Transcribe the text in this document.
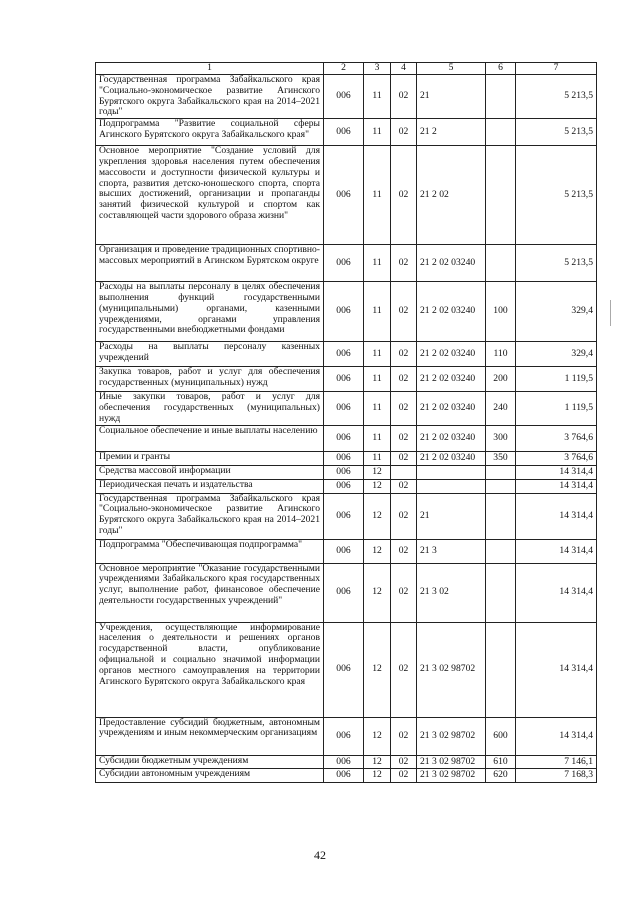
1	2	3	4	5	6	7
Государственная программа Забайкальского края "Социально-экономическое развитие Агинского Бурятского округа Забайкальского края на 2014–2021 годы"	006	11	02	21		5 213,5
Подпрограмма "Развитие социальной сферы Агинского Бурятского округа Забайкальского края"	006	11	02	21 2		5 213,5
Основное мероприятие "Создание условий для укрепления здоровья населения путем обеспечения массовости и доступности физической культуры и спорта, развития детско-юношеского спорта, спорта высших достижений, организации и пропаганды занятий физической культурой и спортом как составляющей части здорового образа жизни"	006	11	02	21 2 02		5 213,5
Организация и проведение традиционных спортивно-массовых мероприятий в Агинском Бурятском округе	006	11	02	21 2 02 03240		5 213,5
Расходы на выплаты персоналу в целях обеспечения выполнения функций государственными (муниципальными) органами, казенными учреждениями, органами управления государственными внебюджетными фондами	006	11	02	21 2 02 03240	100	329,4
Расходы на выплаты персоналу казенных учреждений	006	11	02	21 2 02 03240	110	329,4
Закупка товаров, работ и услуг для обеспечения государственных (муниципальных) нужд	006	11	02	21 2 02 03240	200	1 119,5
Иные закупки товаров, работ и услуг для обеспечения государственных (муниципальных) нужд	006	11	02	21 2 02 03240	240	1 119,5
Социальное обеспечение и иные выплаты населению	006	11	02	21 2 02 03240	300	3 764,6
Премии и гранты	006	11	02	21 2 02 03240	350	3 764,6
Средства массовой информации	006	12				14 314,4
Периодическая печать и издательства	006	12	02			14 314,4
Государственная программа Забайкальского края "Социально-экономическое развитие Агинского Бурятского округа Забайкальского края на 2014–2021 годы"	006	12	02	21		14 314,4
Подпрограмма "Обеспечивающая подпрограмма"	006	12	02	21 3		14 314,4
Основное мероприятие "Оказание государственными учреждениями Забайкальского края государственных услуг, выполнение работ, финансовое обеспечение деятельности государственных учреждений"	006	12	02	21 3 02		14 314,4
Учреждения, осуществляющие информирование населения о деятельности и решениях органов государственной власти, опубликование официальной и социально значимой информации органов местного самоуправления на территории Агинского Бурятского округа Забайкальского края	006	12	02	21 3 02 98702		14 314,4
Предоставление субсидий бюджетным, автономным учреждениям и иным некоммерческим организациям	006	12	02	21 3 02 98702	600	14 314,4
Субсидии бюджетным учреждениям	006	12	02	21 3 02 98702	610	7 146,1
Субсидии автономным учреждениям	006	12	02	21 3 02 98702	620	7 168,3
42
